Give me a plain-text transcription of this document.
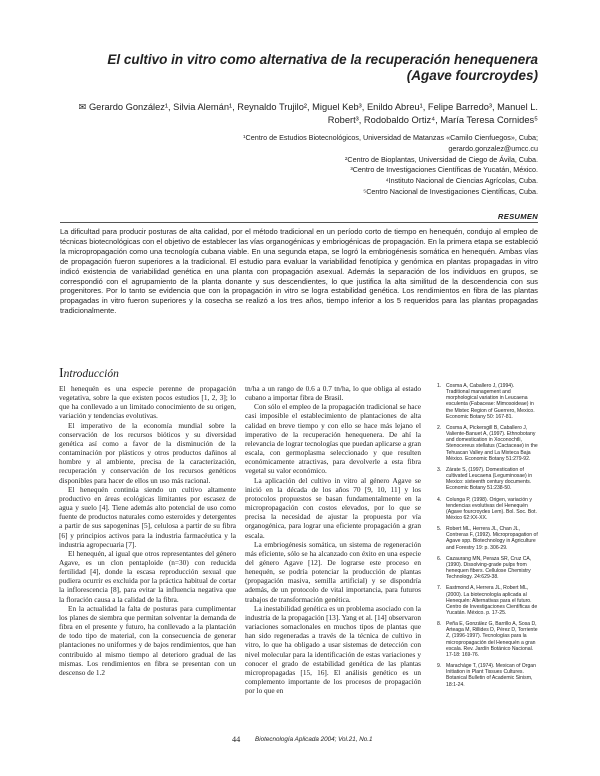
El cultivo in vitro como alternativa de la recuperación henequenera (Agave fourcroydes)
✉ Gerardo González¹, Silvia Alemán¹, Reynaldo Trujilo², Miguel Keb³, Enildo Abreu¹, Felipe Barredo³, Manuel L. Robert³, Rodobaldo Ortiz⁴, María Teresa Cornides⁵
¹Centro de Estudios Biotecnológicos, Universidad de Matanzas «Camilo Cienfuegos», Cuba;
gerardo.gonzalez@umcc.cu
²Centro de Bioplantas, Universidad de Ciego de Ávila, Cuba.
³Centro de Investigaciones Científicas de Yucatán, México.
⁴Instituto Nacional de Ciencias Agrícolas, Cuba.
⁵Centro Nacional de Investigaciones Científicas, Cuba.
RESUMEN
La dificultad para producir posturas de alta calidad, por el método tradicional en un período corto de tiempo en henequén, condujo al empleo de técnicas biotecnológicas con el objetivo de establecer las vías organogénicas y embriogénicas de propagación. En la primera etapa se estableció la micropropagación como una tecnología cubana viable. En una segunda etapa, se logró la embriogénesis somática en henequén. Ambas vías de propagación fueron superiores a la tradicional. El estudio para evaluar la variabilidad fenotípica y genómica en plantas propagadas in vitro indicó existencia de variabilidad genética en una planta con propagación asexual. Además la separación de los individuos en grupos, se correspondió con el agrupamiento de la planta donante y sus descendientes, lo que justifica la alta similitud de la descendencia con sus progenitores. Por lo tanto se evidencia que con la propagación in vitro se logra estabilidad genética. Los rendimientos en fibra de las plantas propagadas in vitro fueron superiores y la cosecha se realizó a los tres años, tiempo inferior a los 5 requeridos para las plantas propagadas tradicionalmente.
Introducción

El henequén es una especie perenne de propagación vegetativa, sobre la que existen pocos estudios [1, 2, 3]; lo que ha conllevado a un limitado conocimiento de su origen, variación y tendencias evolutivas.

El imperativo de la economía mundial sobre la conservación de los recursos bióticos y su diversidad genética así como a favor de la disminución de la contaminación por plásticos y otros productos dañinos al hombre y al ambiente, precisa de la caracterización, recuperación y conservación de los recursos genéticos disponibles para hacer de ellos un uso más racional.

El henequén continúa siendo un cultivo altamente productivo en áreas ecológicas limitantes por escasez de agua y suelo [4]. Tiene además alto potencial de uso como fuente de productos naturales como esteroides y detergentes a partir de sus sapogeninas [5], celulosa a partir de su fibra [6] y principios activos para la industria farmacéutica y la industria agropecuaria [7].

El henequén, al igual que otros representantes del género Agave, es un clon pentaploide (n=30) con reducida fertilidad [4], donde la escasa reproducción sexual que pudiera ocurrir es excluida por la práctica habitual de cortar la inflorescencia [8], para evitar la influencia negativa que la floración causa a la calidad de la fibra.

En la actualidad la falta de posturas para cumplimentar los planes de siembra que permitan solventar la demanda de fibra en el presente y futuro, ha conllevado a la plantación de todo tipo de material, con la consecuencia de generar plantaciones no uniformes y de bajos rendimientos, que han contribuido al mismo tiempo al deterioro gradual de las mismas. Los rendimientos en fibra se presentan con un descenso de 1.2

tn/ha a un rango de 0.6 a 0.7 tn/ha, lo que obliga al estado cubano a importar fibra de Brasil.

Con sólo el empleo de la propagación tradicional se hace casi imposible el establecimiento de plantaciones de alta calidad en breve tiempo y con ello se hace más lejano el imperativo de la recuperación henequenera. De ahí la relevancia de lograr tecnologías que puedan aplicarse a gran escala, con germoplasma seleccionado y que resulten económicamente atractivas, para devolverle a esta fibra vegetal su valor económico.

La aplicación del cultivo in vitro al género Agave se inició en la década de los años 70 [9, 10, 11] y los protocolos propuestos se basan fundamentalmente en la micropropagación con costos elevados, por lo que se precisa la necesidad de ajustar la propuesta por vía organogénica, para lograr una eficiente propagación a gran escala.

La embriogénesis somática, un sistema de regeneración más eficiente, sólo se ha alcanzado con éxito en una especie del género Agave [12]. De lograrse este proceso en henequén, se podría potenciar la producción de plantas (propagación masiva, semilla artificial) y se dispondría además, de un protocolo de vital importancia, para futuros trabajos de transformación genética.

La inestabilidad genética es un problema asociado con la industria de la propagación [13]. Yang et al. [14] observaron variaciones somaclonales en muchos tipos de plantas que han sido regeneradas a través de la técnica de cultivo in vitro, lo que ha obligado a usar sistemas de detección con nivel molecular para la identificación de estas variaciones y conocer el grado de estabilidad genética de las plantas micropropagadas [15, 16]. El análisis genético es un complemento importante de los procesos de propagación por lo que en

1. Cosma A, Caballero J, (1994). Traditional management and morphological variation in Leucaena esculenta (Fabaceae: Mimosoideae) in the Mixtec Region of Guerrero, Mexico. Economic Botany 50: 167-81.
2. Cosma A, Pickersgill B, Caballero J, Valiente-Banuet A, (1997). Ethnobotany and domestication in Xoconochtli, Stenocereus stellatus (Cactaceae) in the Tehuacan Valley and La Mixteca Baja México. Economic Botany 51:279-92.
3. Zárate S, (1997). Domestication of cultivated Leucaena (Leguminosae) in Mexico: sixteenth century documents. Economic Botany 51:238-50.
4. Colunga P, (1998). Origen, variación y tendencias evolutivas del Henequén (Agave fourcroydes Lem). Bol. Soc. Bot. México 62:XX-XX.
5. Robert ML, Herrera JL, Chan JL, Contreras F, (1992). Micropropagation of Agave spp. Biotechnology in Agriculture and Forestry 19: p. 306-29.
6. Cazaurang MN, Peraza SR, Cruz CA, (1990). Dissolving-grade pulps from henequen fibers. Cellulose Chemistry Technology. 24:629-38.
7. Eastmond A, Herrera JL, Robert ML, (2000). La biotecnología aplicada al Henequén: Alternativas para el futuro. Centro de Investigaciones Científicas de Yucatán. México. p. 17-25.
8. Peña E, González G, Barrillo A, Sosa D, Arteaga M, Rillides D, Pérez D, Torriente Z, (1996-1997). Tecnologías para la micropropagación del Henequén a gran escala. Rev. Jardín Botánico Nacional. 17-18: 169-76.
9. Maracháge T, (1974). Mexican of Organ Initiation in Plant Tissues Cultures. Botanical Bulletin of Academic Sinism, 18:1-24.
44 Biotecnología Aplicada 2004; Vol.21, No.1
